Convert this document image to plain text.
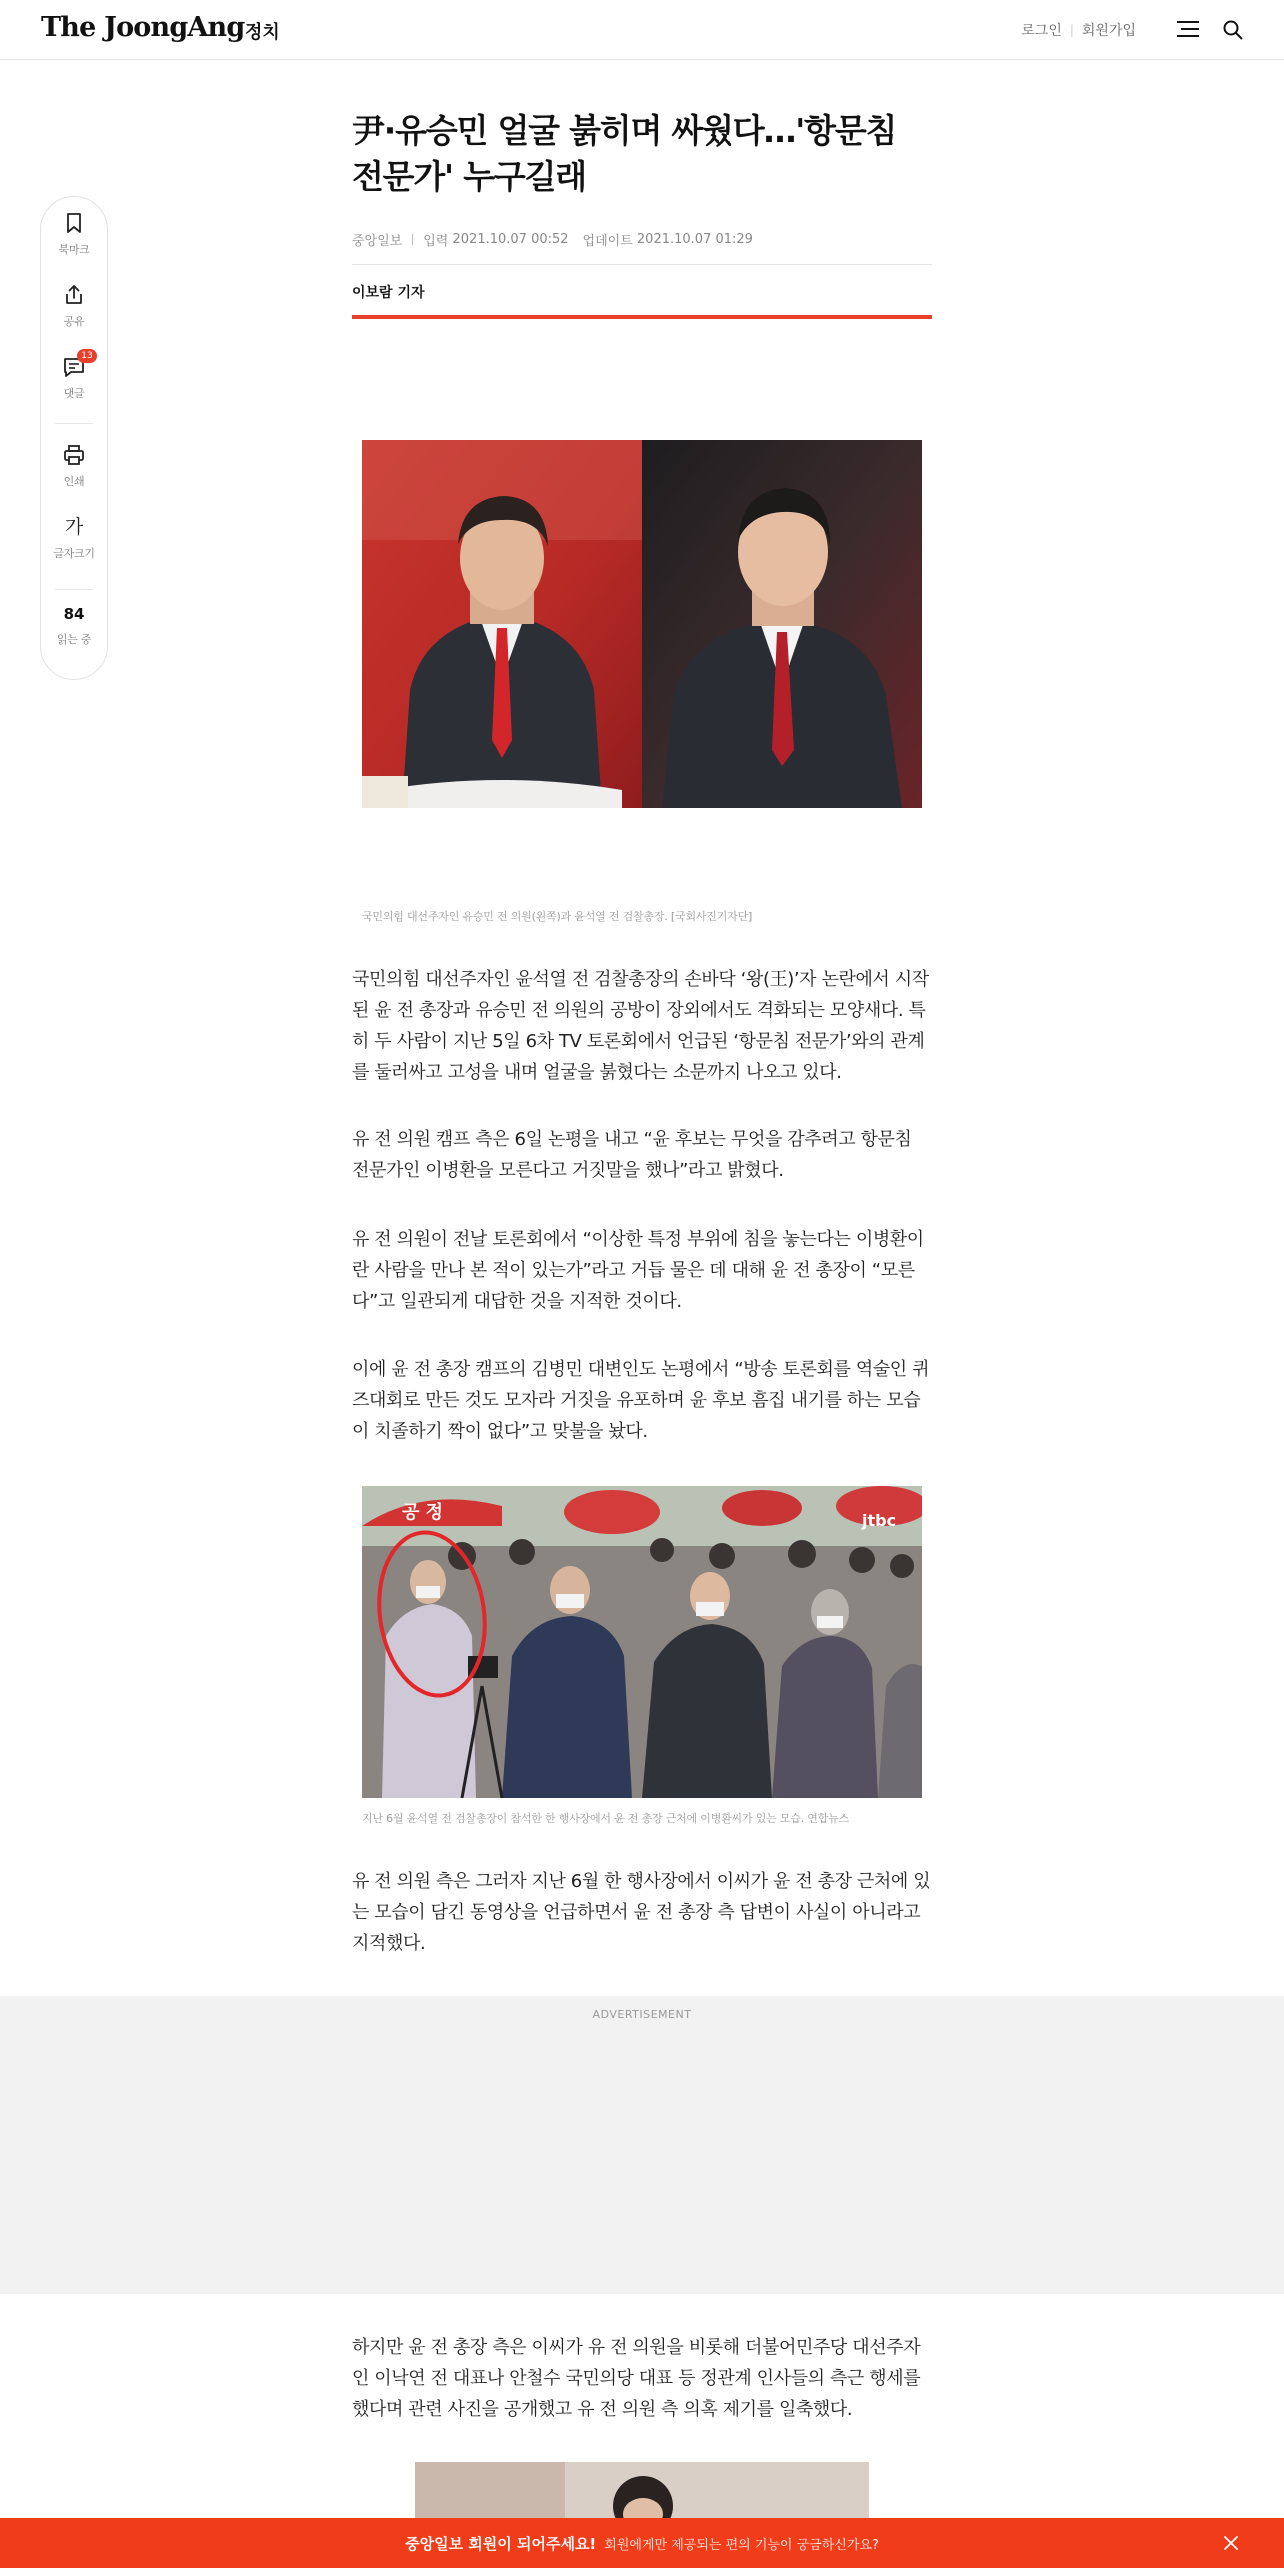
The JoongAng 정치	로그인 | 회원가입
북마크
공유
13
댓글
인쇄
가
글자크기
84
읽는 중
尹·유승민 얼굴 붉히며 싸웠다…'항문침 전문가' 누구길래
중앙일보 입력
2021.10.07 00:52 업데이트
2021.10.07 01:29
이보람 기자
국민의힘 대선주자인 유승민 전 의원(왼쪽)과 윤석열 전 검찰총장. [국회사진기자단]

국민의힘 대선주자인 윤석열 전 검찰총장의 손바닥 ‘왕(王)’자 논란에서 시작된 윤 전 총장과 유승민 전 의원의 공방이 장외에서도 격화되는 모양새다. 특히 두 사람이 지난 5일 6차 TV 토론회에서 언급된 ‘항문침 전문가’와의 관계를 둘러싸고 고성을 내며 얼굴을 붉혔다는 소문까지 나오고 있다.

유 전 의원 캠프 측은 6일 논평을 내고 “윤 후보는 무엇을 감추려고 항문침 전문가인 이병환을 모른다고 거짓말을 했나”라고 밝혔다.

유 전 의원이 전날 토론회에서 “이상한 특정 부위에 침을 놓는다는 이병환이란 사람을 만나 본 적이 있는가”라고 거듭 물은 데 대해 윤 전 총장이 “모른다”고 일관되게 대답한 것을 지적한 것이다.

이에 윤 전 총장 캠프의 김병민 대변인도 논평에서 “방송 토론회를 역술인 퀴즈대회로 만든 것도 모자라 거짓을 유포하며 윤 후보 흠집 내기를 하는 모습이 치졸하기 짝이 없다”고 맞불을 놨다.

공 정	jtbc
지난 6월 윤석열 전 검찰총장이 참석한 한 행사장에서 윤 전 총장 근처에 이병환씨가 있는 모습. 연합뉴스

유 전 의원 측은 그러자 지난 6월 한 행사장에서 이씨가 윤 전 총장 근처에 있는 모습이 담긴 동영상을 언급하면서 윤 전 총장 측 답변이 사실이 아니라고 지적했다.

ADVERTISEMENT

하지만 윤 전 총장 측은 이씨가 유 전 의원을 비롯해 더불어민주당 대선주자인 이낙연 전 대표나 안철수 국민의당 대표 등 정관계 인사들의 측근 행세를 했다며 관련 사진을 공개했고 유 전 의원 측 의혹 제기를 일축했다.

중앙일보 회원이 되어주세요! 회원에게만 제공되는 편의 기능이 궁금하신가요?
